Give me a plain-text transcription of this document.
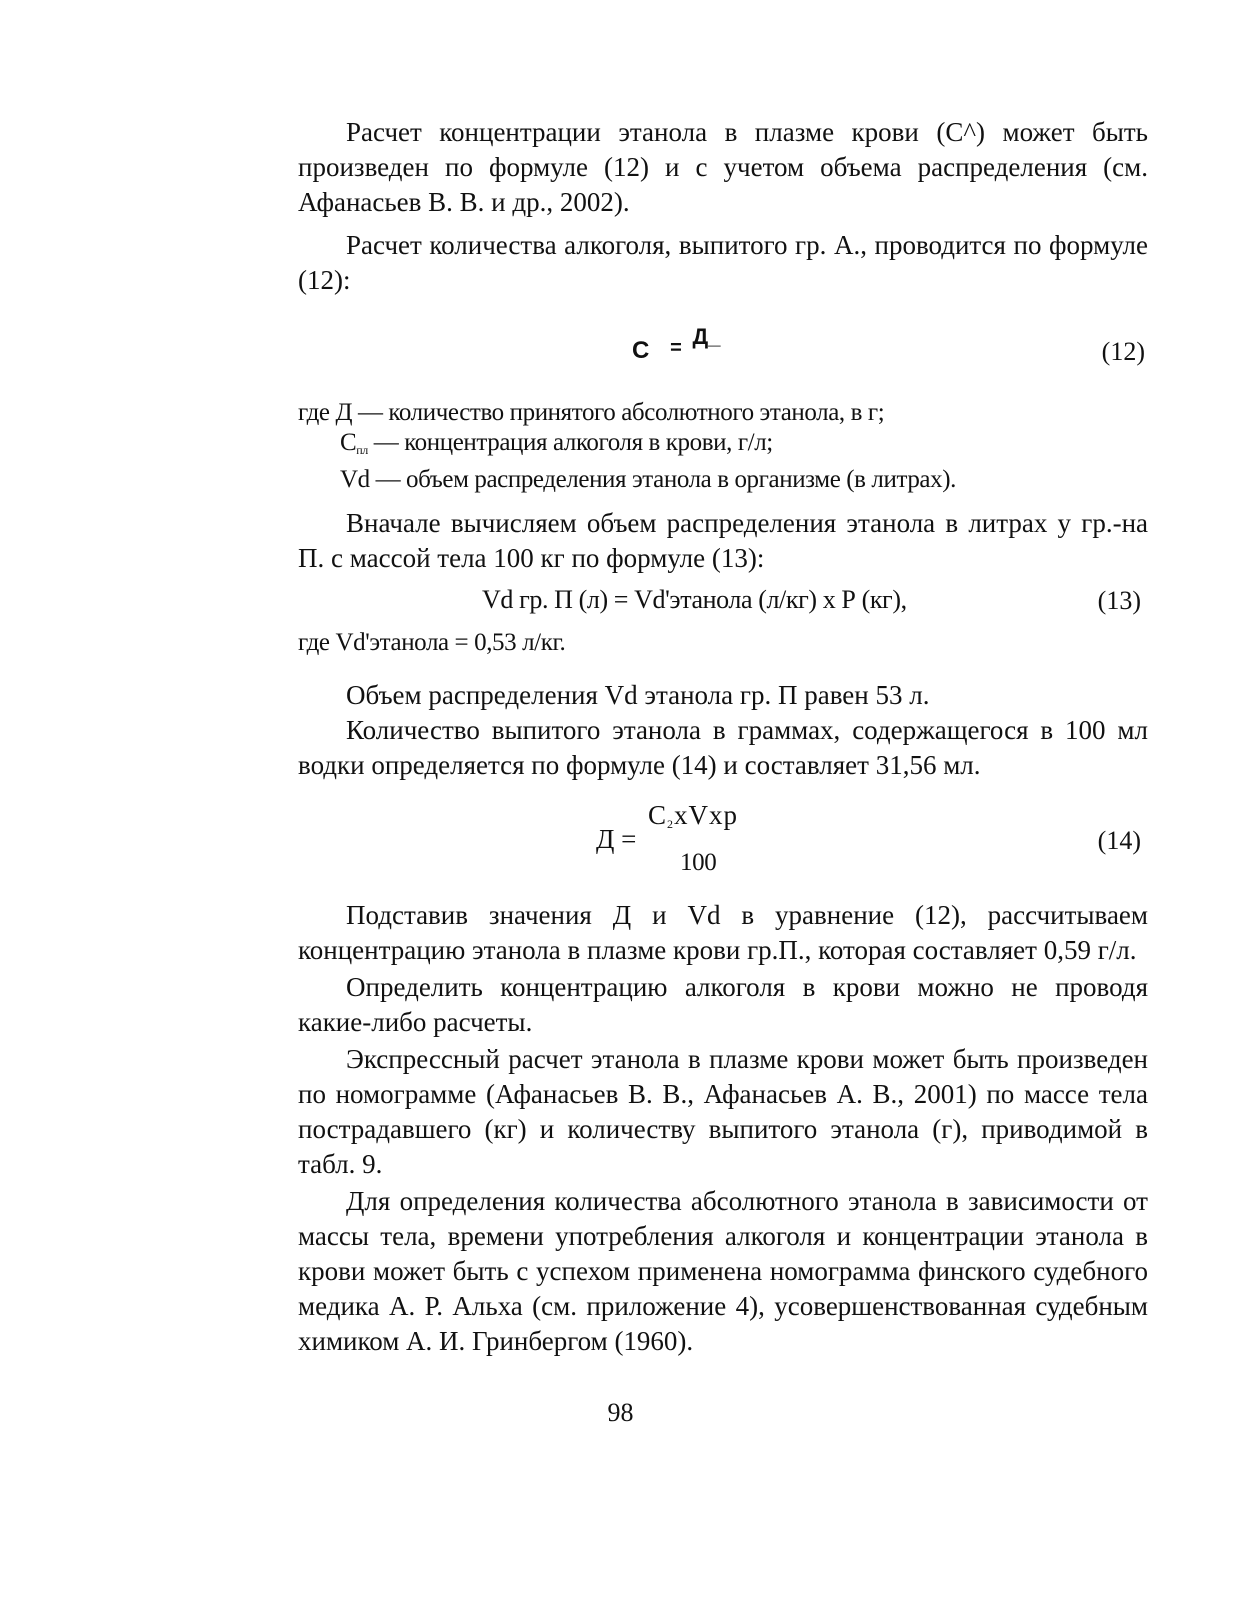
Расчет концентрации этанола в плазме крови (С^) может быть произведен по формуле (12) и с учетом объема распределения (см. Афанасьев В. В. и др., 2002).

Расчет количества алкоголя, выпитого гр. А., проводится по формуле (12):

С = $^{Д\_}$
(12)

где Д — количество принятого абсолютного этанола, в г;

$С_{пл}$ — концентрация алкоголя в крови, г/л;

Vd — объем распределения этанола в организме (в литрах).

Вначале вычисляем объем распределения этанола в литрах у гр.-на П. с массой тела 100 кг по формуле (13):

Vd гр. П (л) = Vd'этанола (л/кг) х Р (кг),	(13)
где Vd'этанола = 0,53 л/кг.

Объем распределения Vd этанола гр. П равен 53 л.

Количество выпитого этанола в граммах, содержащегося в 100 мл водки определяется по формуле (14) и составляет 31,56 мл.

Д =
$С_2хVхр$
100
(14)

Подставив значения Д и Vd в уравнение (12), рассчитываем концентрацию этанола в плазме крови гр.П., которая составляет 0,59 г/л.

Определить концентрацию алкоголя в крови можно не проводя какие-либо расчеты.

Экспрессный расчет этанола в плазме крови может быть произведен по номограмме (Афанасьев В. В., Афанасьев А. В., 2001) по массе тела пострадавшего (кг) и количеству выпитого этанола (г), приводимой в табл. 9.

Для определения количества абсолютного этанола в зависимости от массы тела, времени употребления алкоголя и концентрации этанола в крови может быть с успехом применена номограмма финского судебного медика А. Р. Альха (см. приложение 4), усовершенствованная судебным химиком А. И. Гринбергом (1960).

98
